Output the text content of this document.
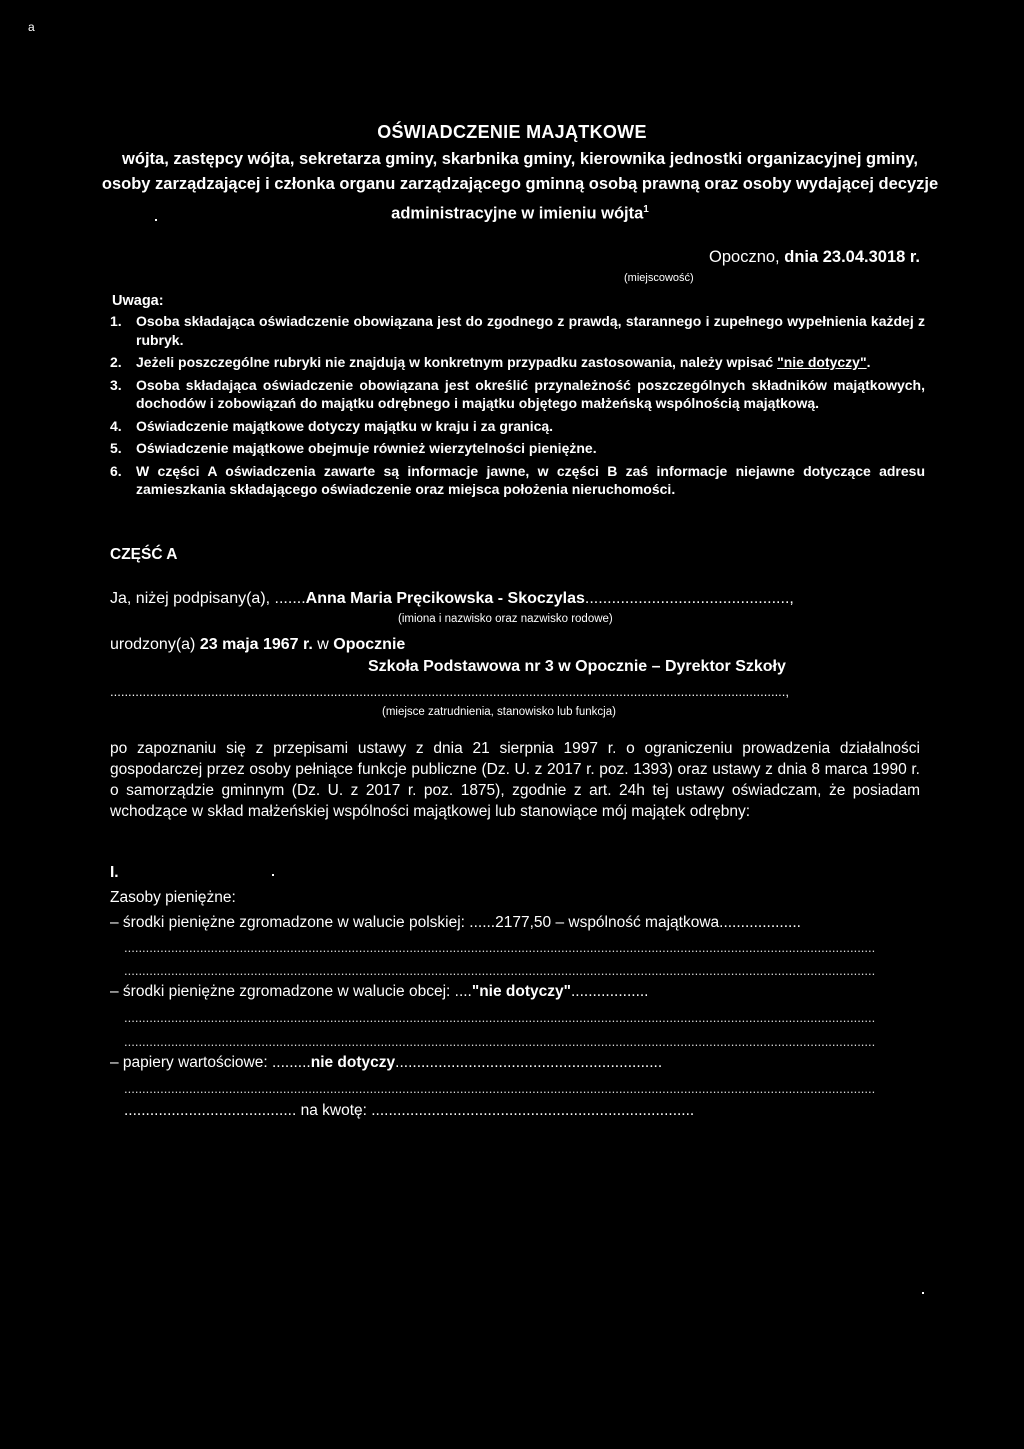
a
OŚWIADCZENIE MAJĄTKOWE
wójta, zastępcy wójta, sekretarza gminy, skarbnika gminy, kierownika jednostki organizacyjnej gminy, osoby zarządzającej i członka organu zarządzającego gminną osobą prawną oraz osoby wydającej decyzje administracyjne w imieniu wójta$^1$
Opoczno, dnia 23.04.3018 r.
(miejscowość)
Uwaga:
1.	Osoba składająca oświadczenie obowiązana jest do zgodnego z prawdą, starannego i zupełnego wypełnienia każdej z rubryk.
2.	Jeżeli poszczególne rubryki nie znajdują w konkretnym przypadku zastosowania, należy wpisać "nie dotyczy".
3.	Osoba składająca oświadczenie obowiązana jest określić przynależność poszczególnych składników majątkowych, dochodów i zobowiązań do majątku odrębnego i majątku objętego małżeńską wspólnością majątkową.
4.	Oświadczenie majątkowe dotyczy majątku w kraju i za granicą.
5.	Oświadczenie majątkowe obejmuje również wierzytelności pieniężne.
6.	W części A oświadczenia zawarte są informacje jawne, w części B zaś informacje niejawne dotyczące adresu zamieszkania składającego oświadczenie oraz miejsca położenia nieruchomości.
CZĘŚĆ A
Ja, niżej podpisany(a), .......Anna Maria Pręcikowska - Skoczylas..............................................,
(imiona i nazwisko oraz nazwisko rodowe)
urodzony(a) 23 maja 1967 r. w Opocznie
Szkoła Podstawowa nr 3 w Opocznie – Dyrektor Szkoły
...........................................................................................................................................................................................,
(miejsce zatrudnienia, stanowisko lub funkcja)
po zapoznaniu się z przepisami ustawy z dnia 21 sierpnia 1997 r. o ograniczeniu prowadzenia działalności gospodarczej przez osoby pełniące funkcje publiczne (Dz. U. z 2017 r. poz. 1393) oraz ustawy z dnia 8 marca 1990 r. o samorządzie gminnym (Dz. U. z 2017 r. poz. 1875), zgodnie z art. 24h tej ustawy oświadczam, że posiadam wchodzące w skład małżeńskiej wspólności majątkowej lub stanowiące mój majątek odrębny:
I.
Zasoby pieniężne:
– środki pieniężne zgromadzone w walucie polskiej: ......2177,50 – wspólność majątkowa...................
................................................................................................................................................................................................................
................................................................................................................................................................................................................
– środki pieniężne zgromadzone w walucie obcej: ...."nie dotyczy"..................
................................................................................................................................................................................................................
................................................................................................................................................................................................................
– papiery wartościowe: .........nie dotyczy..............................................................
................................................................................................................................................................................................................
........................................ na kwotę: ...........................................................................
